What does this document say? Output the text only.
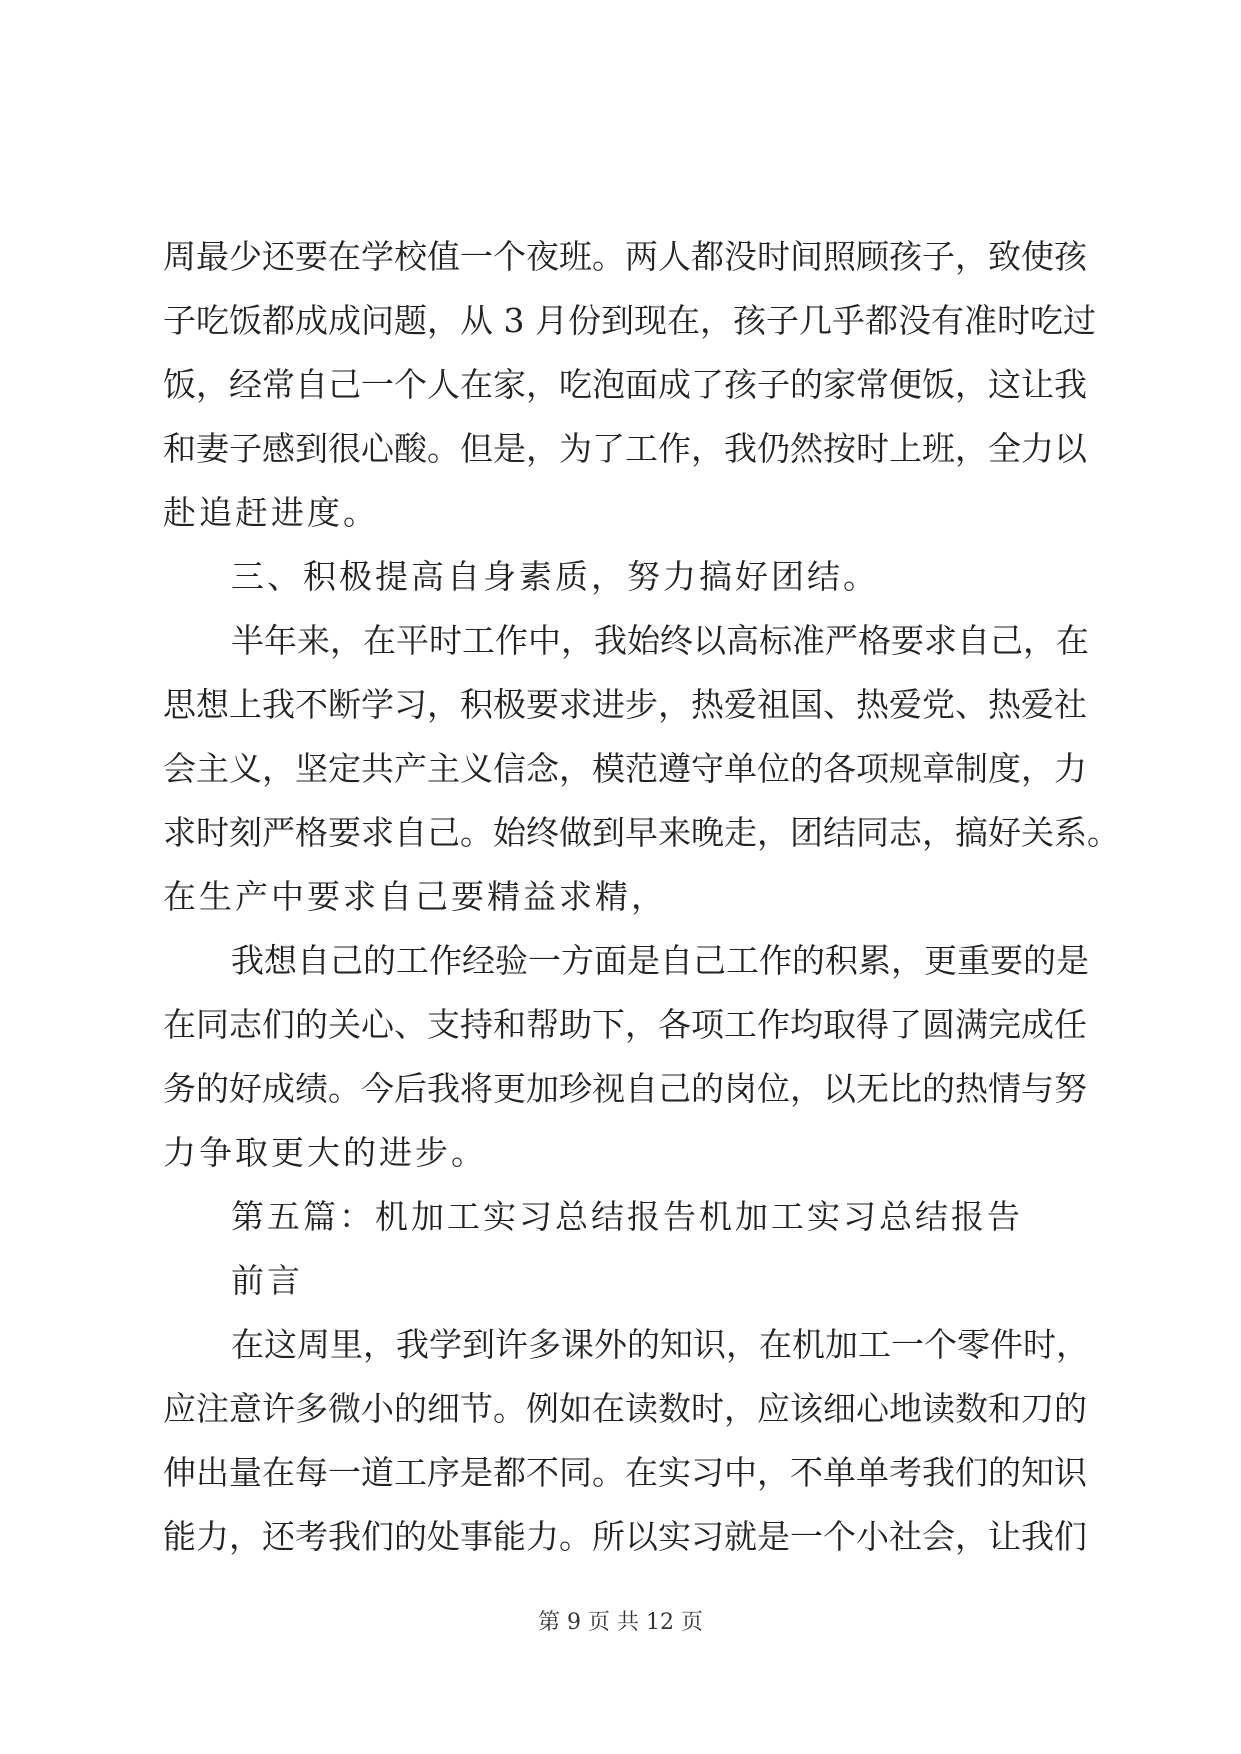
周最少还要在学校值一个夜班。两人都没时间照顾孩子，致使孩
子吃饭都成成问题，从 3 月份到现在，孩子几乎都没有准时吃过
饭，经常自己一个人在家，吃泡面成了孩子的家常便饭，这让我
和妻子感到很心酸。但是，为了工作，我仍然按时上班，全力以
赴追赶进度。
三、积极提高自身素质，努力搞好团结。
半年来，在平时工作中，我始终以高标准严格要求自己，在
思想上我不断学习，积极要求进步，热爱祖国、热爱党、热爱社
会主义，坚定共产主义信念，模范遵守单位的各项规章制度，力
求时刻严格要求自己。始终做到早来晚走，团结同志，搞好关系。
在生产中要求自己要精益求精，
我想自己的工作经验一方面是自己工作的积累，更重要的是
在同志们的关心、支持和帮助下，各项工作均取得了圆满完成任
务的好成绩。今后我将更加珍视自己的岗位，以无比的热情与努
力争取更大的进步。
第五篇：机加工实习总结报告机加工实习总结报告
前言
在这周里，我学到许多课外的知识，在机加工一个零件时，
应注意许多微小的细节。例如在读数时，应该细心地读数和刀的
伸出量在每一道工序是都不同。在实习中，不单单考我们的知识
能力，还考我们的处事能力。所以实习就是一个小社会，让我们
第 9 页 共 12 页
